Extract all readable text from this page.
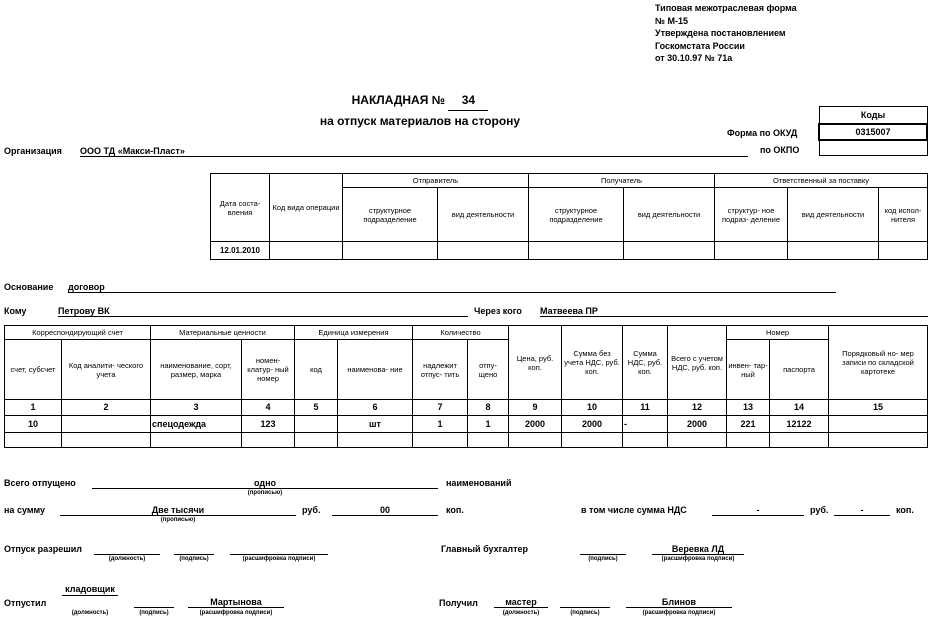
Типовая межотраслевая форма
№ М-15
Утверждена постановлением
Госкомстата России
от 30.10.97 № 71а
НАКЛАДНАЯ № 34
на отпуск материалов на сторону	Коды
0315007

Форма по ОКУД
по ОКПО
Организация ООО ТД «Макси-Пласт»
Дата соста- вления	Код вида операции	Отправитель		Получатель		Ответственный за поставку		
		структурное подразделение	вид деятельности	структурное подразделение	вид деятельности	структур- ное подраз- деление	вид деятельности	код испол- нителя
12.01.2010								
Основание договор
Кому	Петрову ВК	Через кого Матвеева ПР
Корреспондирующий счет		Материальные ценности		Единица измерения		Количество		Цена, руб. коп.	Сумма без учета НДС, руб. коп.	Сумма НДС, руб. коп.	Всего с учетом НДС, руб. коп.	Номер		Порядковый но- мер записи по складской картотеке
счет, субсчет	Код аналити- ческого учета	наименование, сорт, размер, марка	номен- клатур- ный номер	код	наименова- ние	надлежит отпус- тить	отпу- щено					инвен- тар- ный	паспорта	
1	2	3	4	5	6	7	8	9	10	11	12	13	14	15
10		спецодежда	123		шт	1	1	2000	2000	-	2000	221	12122	

Всего отпущено	одно
(прописью)
наименований
на сумму	Две тысячи
(прописью)
руб.	00	коп.	в том числе сумма НДС	-	руб.	-	коп.
Отпуск разрешил
(должность)	(подпись)	(расшифровка подписи)
Главный бухгалтер
(подпись)
Веревка ЛД
(расшифровка подписи)
Отпустил
кладовщик
(должность)	(подпись)
Мартынова
(расшифровка подписи)
Получил	мастер
(должность)	(подпись)
Блинов
(расшифровка подписи)
